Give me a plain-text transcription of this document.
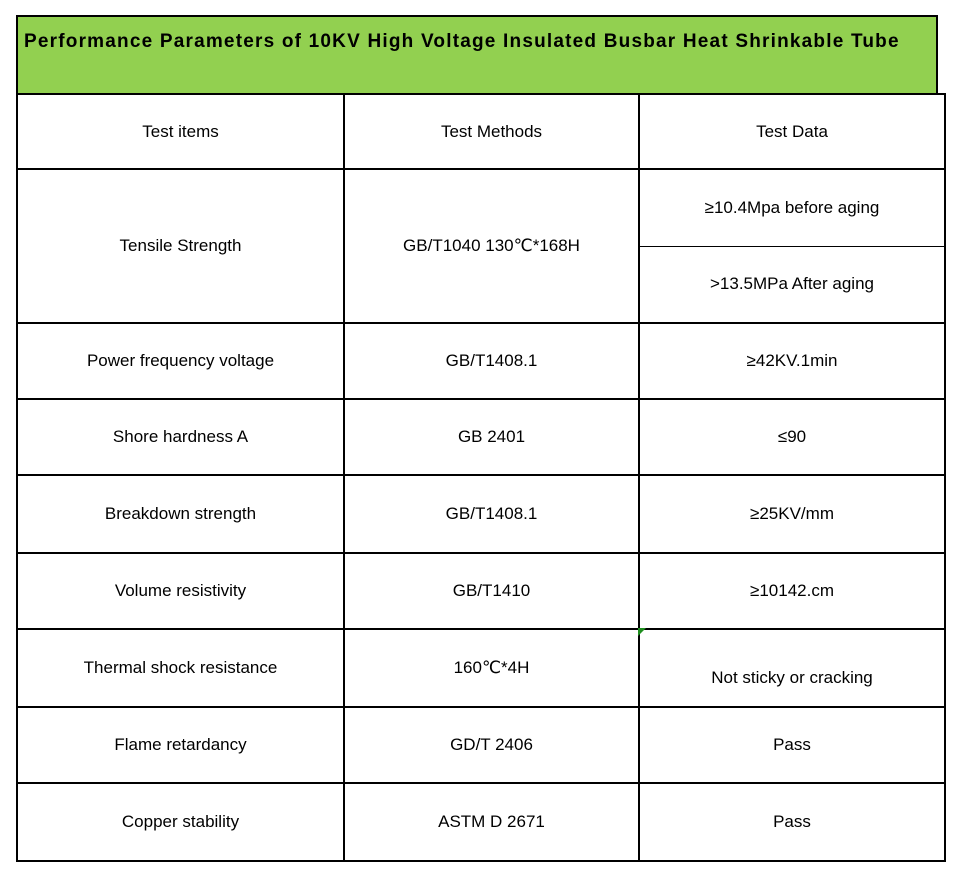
Performance Parameters of 10KV High Voltage Insulated Busbar Heat Shrinkable Tube
Test items	Test Methods	Test Data
Tensile Strength	GB/T1040 130℃*168H	≥10.4Mpa before aging
		>13.5MPa After aging
Power frequency voltage	GB/T1408.1	≥42KV.1min
Shore hardness A	GB 2401	≤90
Breakdown strength	GB/T1408.1	≥25KV/mm
Volume resistivity	GB/T1410	≥10142.cm
Thermal shock resistance	160℃*4H	Not sticky or cracking
Flame retardancy	GD/T 2406	Pass
Copper stability	ASTM D 2671	Pass
